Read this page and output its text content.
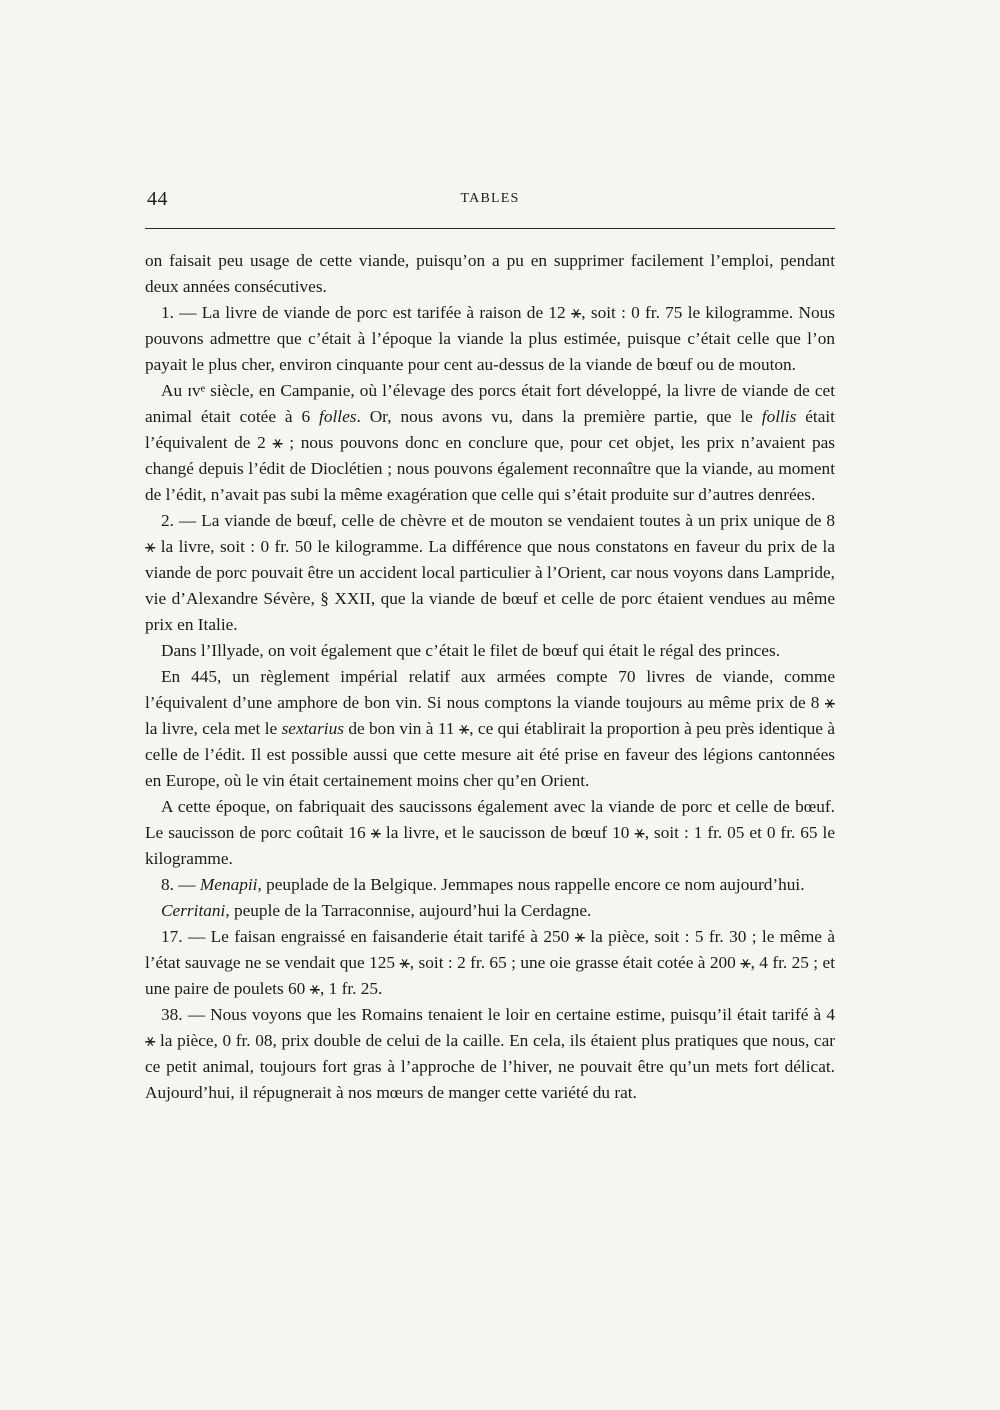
44	TABLES

on faisait peu usage de cette viande, puisqu’on a pu en supprimer facilement l’emploi, pendant deux années consécutives.

1. — La livre de viande de porc est tarifée à raison de 12 ⚹, soit : 0 fr. 75 le kilogramme. Nous pouvons admettre que c’était à l’époque la viande la plus estimée, puisque c’était celle que l’on payait le plus cher, environ cinquante pour cent au-dessus de la viande de bœuf ou de mouton.

Au ɪᴠᵉ siècle, en Campanie, où l’élevage des porcs était fort développé, la livre de viande de cet animal était cotée à 6 folles. Or, nous avons vu, dans la première partie, que le follis était l’équivalent de 2 ⚹ ; nous pouvons donc en conclure que, pour cet objet, les prix n’avaient pas changé depuis l’édit de Dioclétien ; nous pouvons également reconnaître que la viande, au moment de l’édit, n’avait pas subi la même exagération que celle qui s’était produite sur d’autres denrées.

2. — La viande de bœuf, celle de chèvre et de mouton se vendaient toutes à un prix unique de 8 ⚹ la livre, soit : 0 fr. 50 le kilogramme. La différence que nous constatons en faveur du prix de la viande de porc pouvait être un accident local particulier à l’Orient, car nous voyons dans Lampride, vie d’Alexandre Sévère, § XXII, que la viande de bœuf et celle de porc étaient vendues au même prix en Italie.

Dans l’Illyade, on voit également que c’était le filet de bœuf qui était le régal des princes.

En 445, un règlement impérial relatif aux armées compte 70 livres de viande, comme l’équivalent d’une amphore de bon vin. Si nous comptons la viande toujours au même prix de 8 ⚹ la livre, cela met le sextarius de bon vin à 11 ⚹, ce qui établirait la proportion à peu près identique à celle de l’édit. Il est possible aussi que cette mesure ait été prise en faveur des légions cantonnées en Europe, où le vin était certainement moins cher qu’en Orient.

A cette époque, on fabriquait des saucissons également avec la viande de porc et celle de bœuf. Le saucisson de porc coûtait 16 ⚹ la livre, et le saucisson de bœuf 10 ⚹, soit : 1 fr. 05 et 0 fr. 65 le kilogramme.

8. — Menapii, peuplade de la Belgique. Jemmapes nous rappelle encore ce nom aujourd’hui.

Cerritani, peuple de la Tarraconnise, aujourd’hui la Cerdagne.

17. — Le faisan engraissé en faisanderie était tarifé à 250 ⚹ la pièce, soit : 5 fr. 30 ; le même à l’état sauvage ne se vendait que 125 ⚹, soit : 2 fr. 65 ; une oie grasse était cotée à 200 ⚹, 4 fr. 25 ; et une paire de poulets 60 ⚹, 1 fr. 25.

38. — Nous voyons que les Romains tenaient le loir en certaine estime, puisqu’il était tarifé à 4 ⚹ la pièce, 0 fr. 08, prix double de celui de la caille. En cela, ils étaient plus pratiques que nous, car ce petit animal, toujours fort gras à l’approche de l’hiver, ne pouvait être qu’un mets fort délicat. Aujourd’hui, il répugnerait à nos mœurs de manger cette variété du rat.
